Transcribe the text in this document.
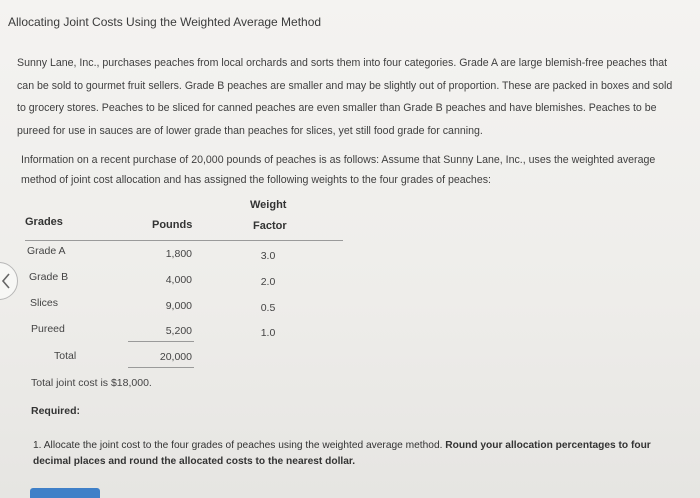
Allocating Joint Costs Using the Weighted Average Method
Sunny Lane, Inc., purchases peaches from local orchards and sorts them into four categories. Grade A are large blemish-free peaches that can be sold to gourmet fruit sellers. Grade B peaches are smaller and may be slightly out of proportion. These are packed in boxes and sold to grocery stores. Peaches to be sliced for canned peaches are even smaller than Grade B peaches and have blemishes. Peaches to be pureed for use in sauces are of lower grade than peaches for slices, yet still food grade for canning.
Information on a recent purchase of 20,000 pounds of peaches is as follows: Assume that Sunny Lane, Inc., uses the weighted average method of joint cost allocation and has assigned the following weights to the four grades of peaches:
Grades	Pounds
Weight
Factor
Grade A	1,800	3.0
Grade B	4,000	2.0
Slices	9,000	0.5
Pureed	5,200	1.0
Total	20,000
Total joint cost is $18,000.
Required:
1. Allocate the joint cost to the four grades of peaches using the weighted average method. Round your allocation percentages to four decimal places and round the allocated costs to the nearest dollar.
